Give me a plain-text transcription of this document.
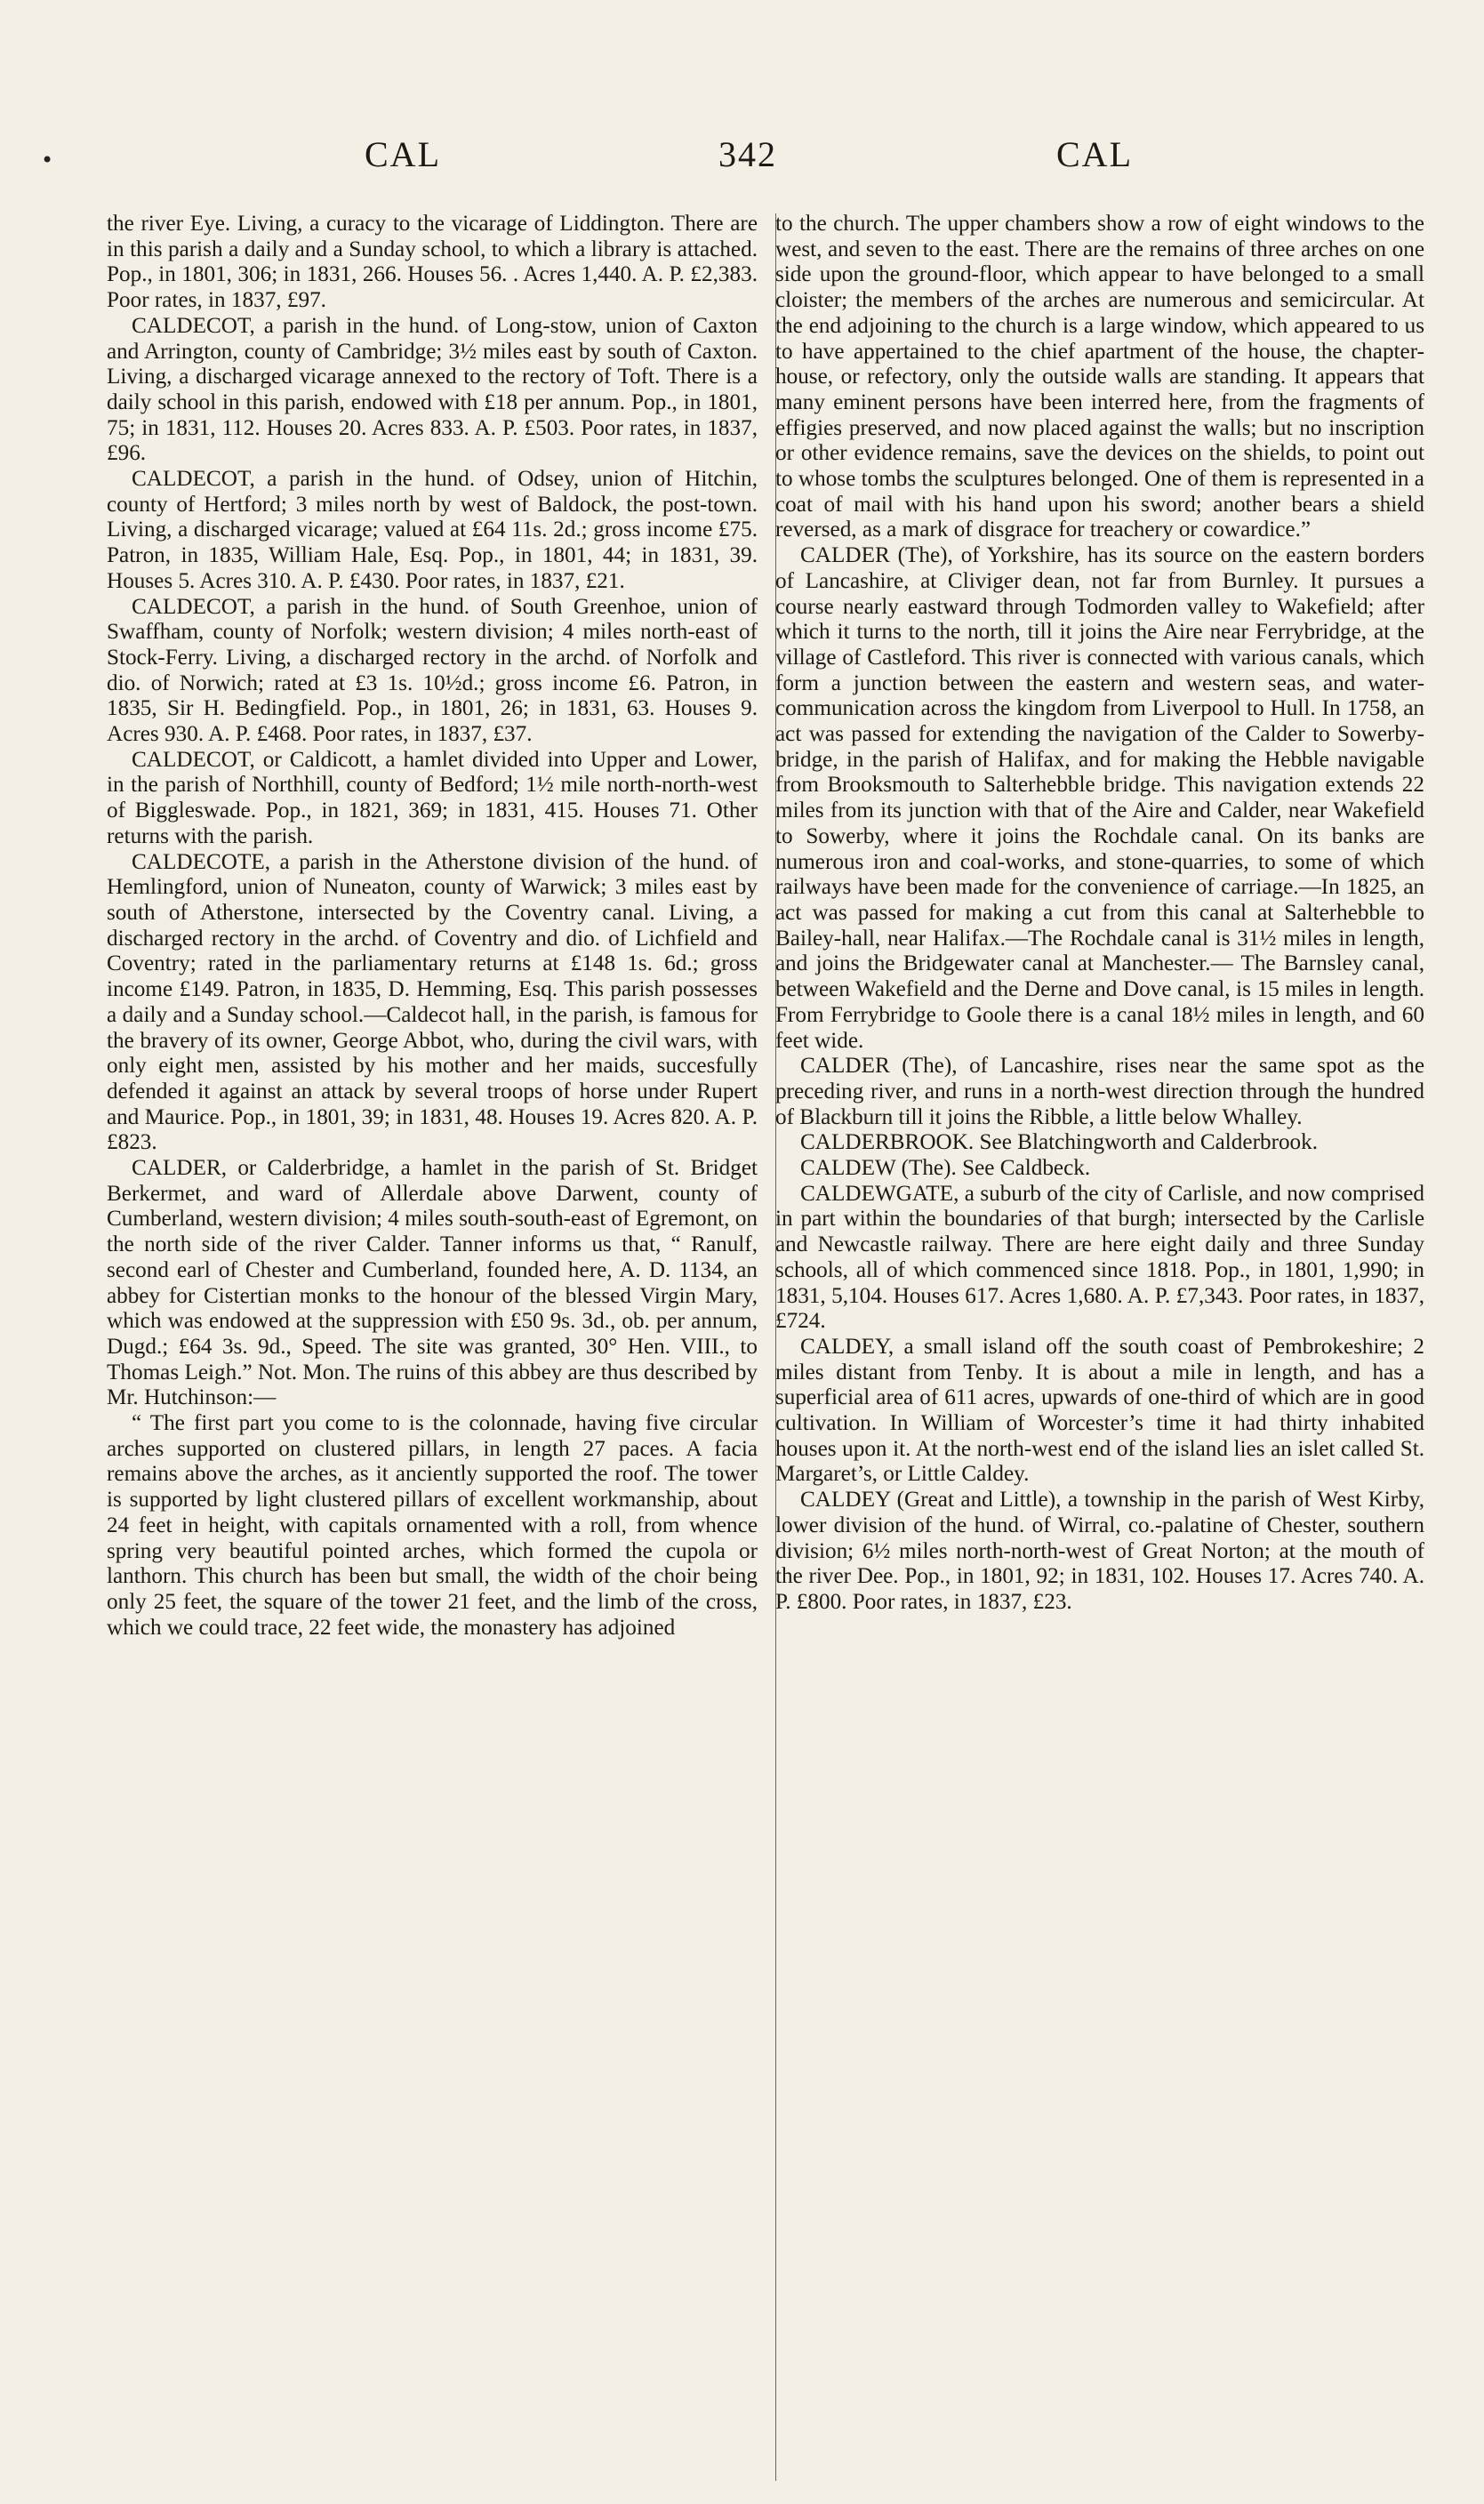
•	CAL	342	CAL

the river Eye. Living, a curacy to the vicarage of Liddington. There are in this parish a daily and a Sunday school, to which a library is attached. Pop., in 1801, 306; in 1831, 266. Houses 56. . Acres 1,440. A. P. £2,383. Poor rates, in 1837, £97.

CALDECOT, a parish in the hund. of Long-stow, union of Caxton and Arrington, county of Cambridge; 3½ miles east by south of Caxton. Living, a discharged vicarage annexed to the rectory of Toft. There is a daily school in this parish, endowed with £18 per annum. Pop., in 1801, 75; in 1831, 112. Houses 20. Acres 833. A. P. £503. Poor rates, in 1837, £96.

CALDECOT, a parish in the hund. of Odsey, union of Hitchin, county of Hertford; 3 miles north by west of Baldock, the post-town. Living, a discharged vicarage; valued at £64 11s. 2d.; gross income £75. Patron, in 1835, William Hale, Esq. Pop., in 1801, 44; in 1831, 39. Houses 5. Acres 310. A. P. £430. Poor rates, in 1837, £21.

CALDECOT, a parish in the hund. of South Greenhoe, union of Swaffham, county of Norfolk; western division; 4 miles north-east of Stock-Ferry. Living, a discharged rectory in the archd. of Norfolk and dio. of Norwich; rated at £3 1s. 10½d.; gross income £6. Patron, in 1835, Sir H. Bedingfield. Pop., in 1801, 26; in 1831, 63. Houses 9. Acres 930. A. P. £468. Poor rates, in 1837, £37.

CALDECOT, or Caldicott, a hamlet divided into Upper and Lower, in the parish of Northhill, county of Bedford; 1½ mile north-north-west of Biggleswade. Pop., in 1821, 369; in 1831, 415. Houses 71. Other returns with the parish.

CALDECOTE, a parish in the Atherstone division of the hund. of Hemlingford, union of Nuneaton, county of Warwick; 3 miles east by south of Atherstone, intersected by the Coventry canal. Living, a discharged rectory in the archd. of Coventry and dio. of Lichfield and Coventry; rated in the parliamentary returns at £148 1s. 6d.; gross income £149. Patron, in 1835, D. Hemming, Esq. This parish possesses a daily and a Sunday school.—Caldecot hall, in the parish, is famous for the bravery of its owner, George Abbot, who, during the civil wars, with only eight men, assisted by his mother and her maids, succesfully defended it against an attack by several troops of horse under Rupert and Maurice. Pop., in 1801, 39; in 1831, 48. Houses 19. Acres 820. A. P. £823.

CALDER, or Calderbridge, a hamlet in the parish of St. Bridget Berkermet, and ward of Allerdale above Darwent, county of Cumberland, western division; 4 miles south-south-east of Egremont, on the north side of the river Calder. Tanner informs us that, “ Ranulf, second earl of Chester and Cumberland, founded here, A. D. 1134, an abbey for Cistertian monks to the honour of the blessed Virgin Mary, which was endowed at the suppression with £50 9s. 3d., ob. per annum, Dugd.; £64 3s. 9d., Speed. The site was granted, 30° Hen. VIII., to Thomas Leigh.” Not. Mon. The ruins of this abbey are thus described by Mr. Hutchinson:—

“ The first part you come to is the colonnade, having five circular arches supported on clustered pillars, in length 27 paces. A facia remains above the arches, as it anciently supported the roof. The tower is supported by light clustered pillars of excellent workmanship, about 24 feet in height, with capitals ornamented with a roll, from whence spring very beautiful pointed arches, which formed the cupola or lanthorn. This church has been but small, the width of the choir being only 25 feet, the square of the tower 21 feet, and the limb of the cross, which we could trace, 22 feet wide, the monastery has adjoined

to the church. The upper chambers show a row of eight windows to the west, and seven to the east. There are the remains of three arches on one side upon the ground-floor, which appear to have belonged to a small cloister; the members of the arches are numerous and semicircular. At the end adjoining to the church is a large window, which appeared to us to have appertained to the chief apartment of the house, the chapter-house, or refectory, only the outside walls are standing. It appears that many eminent persons have been interred here, from the fragments of effigies preserved, and now placed against the walls; but no inscription or other evidence remains, save the devices on the shields, to point out to whose tombs the sculptures belonged. One of them is represented in a coat of mail with his hand upon his sword; another bears a shield reversed, as a mark of disgrace for treachery or cowardice.”

CALDER (The), of Yorkshire, has its source on the eastern borders of Lancashire, at Cliviger dean, not far from Burnley. It pursues a course nearly eastward through Todmorden valley to Wakefield; after which it turns to the north, till it joins the Aire near Ferrybridge, at the village of Castleford. This river is connected with various canals, which form a junction between the eastern and western seas, and water-communication across the kingdom from Liverpool to Hull. In 1758, an act was passed for extending the navigation of the Calder to Sowerby-bridge, in the parish of Halifax, and for making the Hebble navigable from Brooksmouth to Salterhebble bridge. This navigation extends 22 miles from its junction with that of the Aire and Calder, near Wakefield to Sowerby, where it joins the Rochdale canal. On its banks are numerous iron and coal-works, and stone-quarries, to some of which railways have been made for the convenience of carriage.—In 1825, an act was passed for making a cut from this canal at Salterhebble to Bailey-hall, near Halifax.—The Rochdale canal is 31½ miles in length, and joins the Bridgewater canal at Manchester.— The Barnsley canal, between Wakefield and the Derne and Dove canal, is 15 miles in length. From Ferrybridge to Goole there is a canal 18½ miles in length, and 60 feet wide.

CALDER (The), of Lancashire, rises near the same spot as the preceding river, and runs in a north-west direction through the hundred of Blackburn till it joins the Ribble, a little below Whalley.

CALDERBROOK. See Blatchingworth and Calderbrook.

CALDEW (The). See Caldbeck.

CALDEWGATE, a suburb of the city of Carlisle, and now comprised in part within the boundaries of that burgh; intersected by the Carlisle and Newcastle railway. There are here eight daily and three Sunday schools, all of which commenced since 1818. Pop., in 1801, 1,990; in 1831, 5,104. Houses 617. Acres 1,680. A. P. £7,343. Poor rates, in 1837, £724.

CALDEY, a small island off the south coast of Pembrokeshire; 2 miles distant from Tenby. It is about a mile in length, and has a superficial area of 611 acres, upwards of one-third of which are in good cultivation. In William of Worcester’s time it had thirty inhabited houses upon it. At the north-west end of the island lies an islet called St. Margaret’s, or Little Caldey.

CALDEY (Great and Little), a township in the parish of West Kirby, lower division of the hund. of Wirral, co.-palatine of Chester, southern division; 6½ miles north-north-west of Great Norton; at the mouth of the river Dee. Pop., in 1801, 92; in 1831, 102. Houses 17. Acres 740. A. P. £800. Poor rates, in 1837, £23.
